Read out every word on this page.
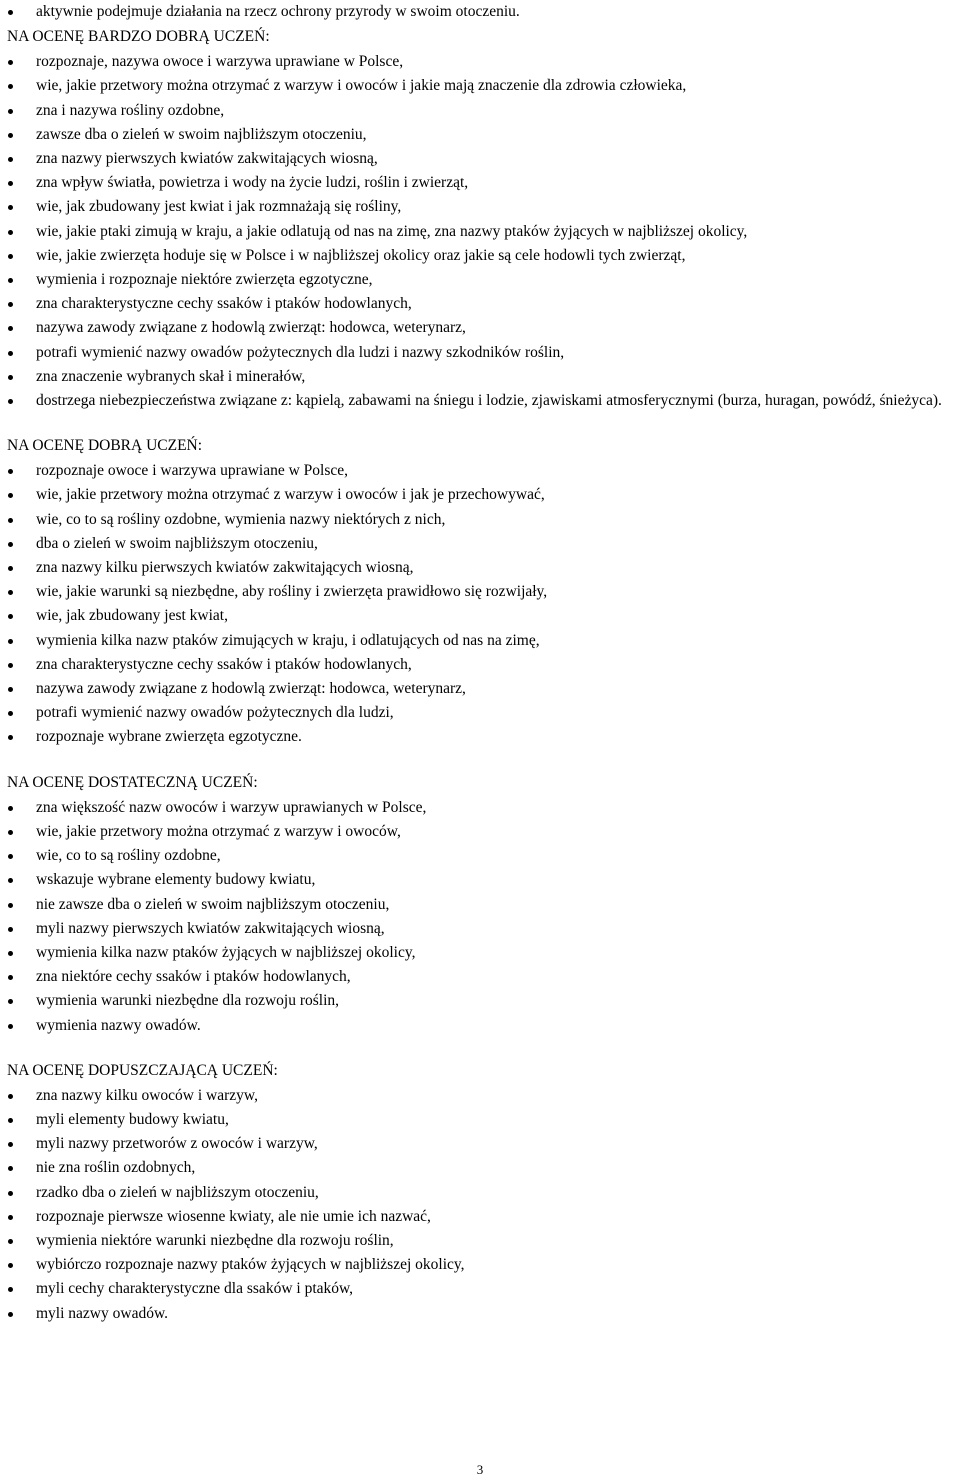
aktywnie podejmuje działania na rzecz ochrony przyrody w swoim otoczeniu.
NA OCENĘ BARDZO DOBRĄ UCZEŃ:
rozpoznaje, nazywa owoce i warzywa uprawiane w Polsce,
wie, jakie przetwory można otrzymać z warzyw i owoców i jakie mają znaczenie dla zdrowia człowieka,
zna i nazywa rośliny ozdobne,
zawsze dba o zieleń w swoim najbliższym otoczeniu,
zna nazwy pierwszych kwiatów zakwitających wiosną,
zna wpływ światła, powietrza i wody na życie ludzi, roślin i zwierząt,
wie, jak zbudowany jest kwiat i jak rozmnażają się rośliny,
wie, jakie ptaki zimują w kraju, a jakie odlatują od nas na zimę, zna nazwy ptaków żyjących w najbliższej okolicy,
wie, jakie zwierzęta hoduje się w Polsce i w najbliższej okolicy oraz jakie są cele hodowli tych zwierząt,
wymienia i rozpoznaje niektóre zwierzęta egzotyczne,
zna charakterystyczne cechy ssaków i ptaków hodowlanych,
nazywa zawody związane z hodowlą zwierząt: hodowca, weterynarz,
potrafi wymienić nazwy owadów pożytecznych dla ludzi i nazwy szkodników roślin,
zna znaczenie wybranych skał i minerałów,
dostrzega niebezpieczeństwa związane z: kąpielą, zabawami na śniegu i lodzie, zjawiskami atmosferycznymi (burza, huragan, powódź, śnieżyca).
NA OCENĘ DOBRĄ UCZEŃ:
rozpoznaje owoce i warzywa uprawiane w Polsce,
wie, jakie przetwory można otrzymać z warzyw i owoców i jak je przechowywać,
wie, co to są rośliny ozdobne, wymienia nazwy niektórych z nich,
dba o zieleń w swoim najbliższym otoczeniu,
zna nazwy kilku pierwszych kwiatów zakwitających wiosną,
wie, jakie warunki są niezbędne, aby rośliny i zwierzęta prawidłowo się rozwijały,
wie, jak zbudowany jest kwiat,
wymienia kilka nazw ptaków zimujących w kraju, i odlatujących od nas na zimę,
zna charakterystyczne cechy ssaków i ptaków hodowlanych,
nazywa zawody związane z hodowlą zwierząt: hodowca, weterynarz,
potrafi wymienić nazwy owadów pożytecznych dla ludzi,
rozpoznaje wybrane zwierzęta egzotyczne.
NA OCENĘ DOSTATECZNĄ UCZEŃ:
zna większość nazw owoców i warzyw uprawianych w Polsce,
wie, jakie przetwory można otrzymać z warzyw i owoców,
wie, co to są rośliny ozdobne,
wskazuje wybrane elementy budowy kwiatu,
nie zawsze dba o zieleń w swoim najbliższym otoczeniu,
myli nazwy pierwszych kwiatów zakwitających wiosną,
wymienia kilka nazw ptaków żyjących w najbliższej okolicy,
zna niektóre cechy ssaków i ptaków hodowlanych,
wymienia warunki niezbędne dla rozwoju roślin,
wymienia nazwy owadów.
NA OCENĘ DOPUSZCZAJĄCĄ UCZEŃ:
zna nazwy kilku owoców i warzyw,
myli elementy budowy kwiatu,
myli nazwy przetworów z owoców i warzyw,
nie zna roślin ozdobnych,
rzadko dba o zieleń w najbliższym otoczeniu,
rozpoznaje pierwsze wiosenne kwiaty, ale nie umie ich nazwać,
wymienia niektóre warunki niezbędne dla rozwoju roślin,
wybiórczo rozpoznaje nazwy ptaków żyjących w najbliższej okolicy,
myli cechy charakterystyczne dla ssaków i ptaków,
myli nazwy owadów.
3
